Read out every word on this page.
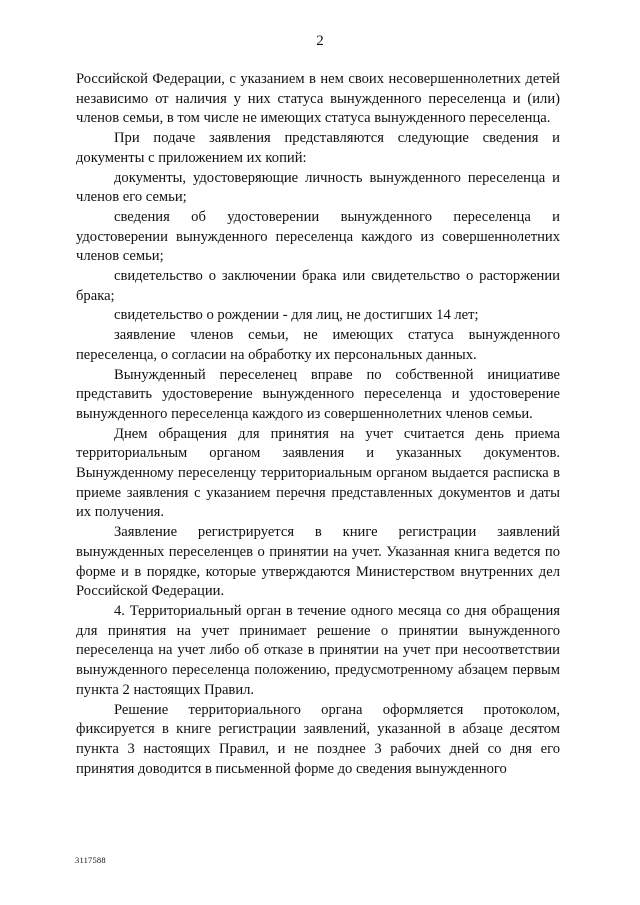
2

Российской Федерации, с указанием в нем своих несовершеннолетних детей независимо от наличия у них статуса вынужденного переселенца и (или) членов семьи, в том числе не имеющих статуса вынужденного переселенца.

При подаче заявления представляются следующие сведения и документы с приложением их копий:

документы, удостоверяющие личность вынужденного переселенца и членов его семьи;

сведения об удостоверении вынужденного переселенца и удостоверении вынужденного переселенца каждого из совершеннолетних членов семьи;

свидетельство о заключении брака или свидетельство о расторжении брака;

свидетельство о рождении - для лиц, не достигших 14 лет;

заявление членов семьи, не имеющих статуса вынужденного переселенца, о согласии на обработку их персональных данных.

Вынужденный переселенец вправе по собственной инициативе представить удостоверение вынужденного переселенца и удостоверение вынужденного переселенца каждого из совершеннолетних членов семьи.

Днем обращения для принятия на учет считается день приема территориальным органом заявления и указанных документов. Вынужденному переселенцу территориальным органом выдается расписка в приеме заявления с указанием перечня представленных документов и даты их получения.

Заявление регистрируется в книге регистрации заявлений вынужденных переселенцев о принятии на учет. Указанная книга ведется по форме и в порядке, которые утверждаются Министерством внутренних дел Российской Федерации.

4. Территориальный орган в течение одного месяца со дня обращения для принятия на учет принимает решение о принятии вынужденного переселенца на учет либо об отказе в принятии на учет при несоответствии вынужденного переселенца положению, предусмотренному абзацем первым пункта 2 настоящих Правил.

Решение территориального органа оформляется протоколом, фиксируется в книге регистрации заявлений, указанной в абзаце десятом пункта 3 настоящих Правил, и не позднее 3 рабочих дней со дня его принятия доводится в письменной форме до сведения вынужденного

3117588
